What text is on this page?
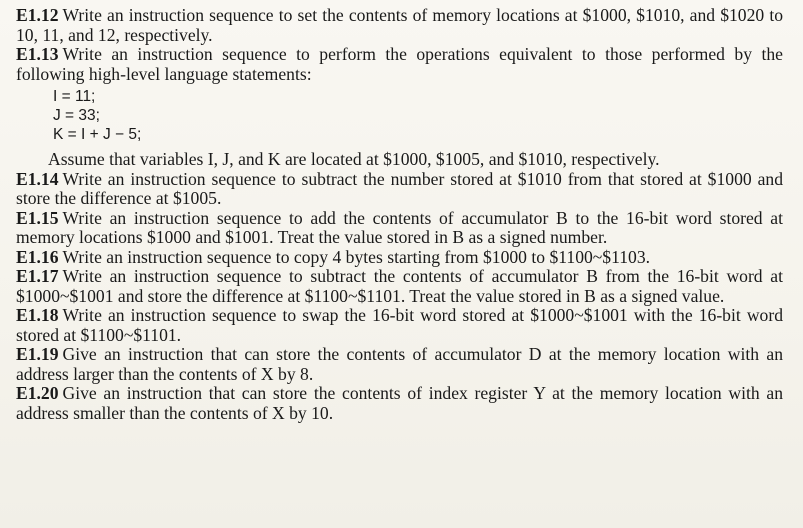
E1.12 Write an instruction sequence to set the contents of memory locations at $1000, $1010, and $1020 to 10, 11, and 12, respectively.

E1.13 Write an instruction sequence to perform the operations equivalent to those performed by the following high-level language statements:

I = 11;
J = 33;
K = I + J − 5;

Assume that variables I, J, and K are located at $1000, $1005, and $1010, respectively.

E1.14 Write an instruction sequence to subtract the number stored at $1010 from that stored at $1000 and store the difference at $1005.

E1.15 Write an instruction sequence to add the contents of accumulator B to the 16-bit word stored at memory locations $1000 and $1001. Treat the value stored in B as a signed number.

E1.16 Write an instruction sequence to copy 4 bytes starting from $1000 to $1100~$1103.

E1.17 Write an instruction sequence to subtract the contents of accumulator B from the 16-bit word at $1000~$1001 and store the difference at $1100~$1101. Treat the value stored in B as a signed value.

E1.18 Write an instruction sequence to swap the 16-bit word stored at $1000~$1001 with the 16-bit word stored at $1100~$1101.

E1.19 Give an instruction that can store the contents of accumulator D at the memory location with an address larger than the contents of X by 8.

E1.20 Give an instruction that can store the contents of index register Y at the memory location with an address smaller than the contents of X by 10.
